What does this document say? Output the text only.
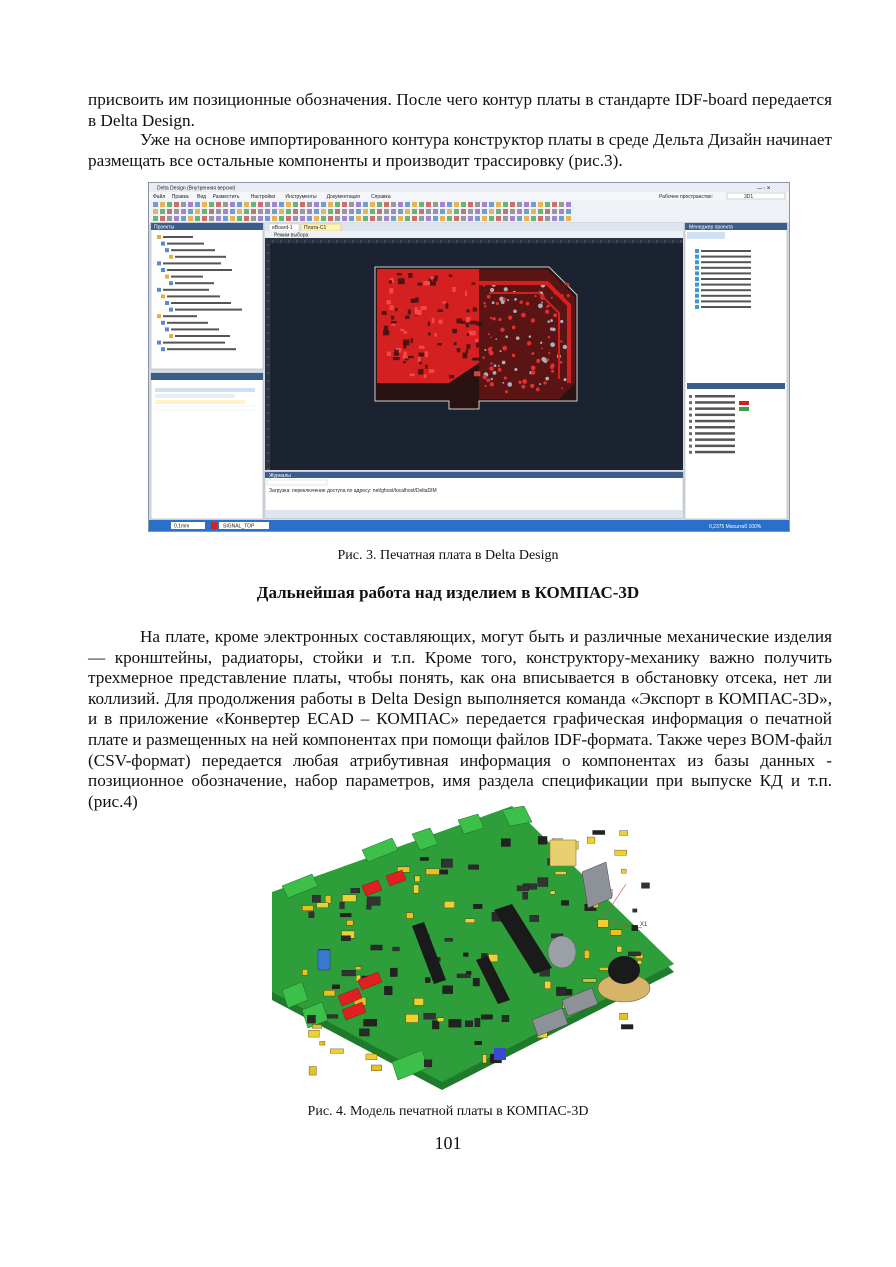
присвоить им позиционные обозначения. После чего контур платы в стандарте IDF-board передается в Delta Design.

Уже на основе импортированного контура конструктор платы в среде Дельта Дизайн начинает размещать все остальные компоненты и производит трассировку (рис.3).

Delta Design (Внутренняя версия)	— ▫ ✕
Файл Правка Вид Разместить Настройки Инструменты Документация Справка	Рабочее пространство:	3D1
Проекты	eBoard-1 Плата-С1
Режим выбора
Журналы
Загрузка: переключение доступа по адресу: net/ghost/localhost/DeltaDIM
Менеджер проекта
0,1mm	SIGNAL_TOP	0,2375 Масштаб 100%
Рис. 3. Печатная плата в Delta Design
Дальнейшая работа над изделием в КОМПАС-3D

На плате, кроме электронных составляющих, могут быть и различные механические изделия — кронштейны, радиаторы, стойки и т.п. Кроме того, конструктору-механику важно получить трехмерное представление платы, чтобы понять, как она вписывается в обстановку отсека, нет ли коллизий. Для продолжения работы в Delta Design выполняется команда «Экспорт в КОМПАС-3D», и в приложение «Конвертер ECAD – КОМПАС» передается графическая информация о печатной плате и размещенных на ней компонентах при помощи файлов IDF-формата. Также через BOM-файл (CSV-формат) передается любая атрибутивная информация о компонентах из базы данных - позиционное обозначение, набор параметров, имя раздела спецификации при выпуске КД и т.п. (рис.4)

X1
Рис. 4. Модель печатной платы в КОМПАС-3D
101
